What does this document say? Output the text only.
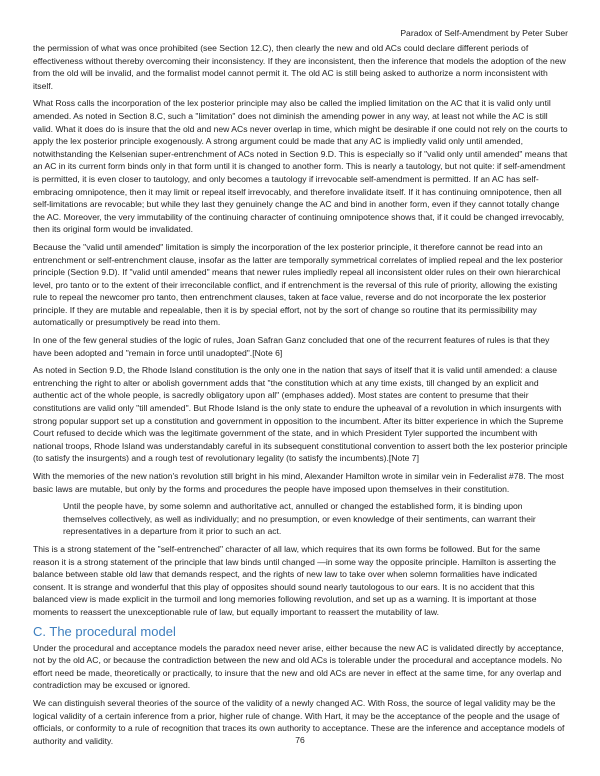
Paradox of Self-Amendment by Peter Suber

the permission of what was once prohibited (see Section 12.C), then clearly the new and old ACs could declare different periods of effectiveness without thereby overcoming their inconsistency. If they are inconsistent, then the inference that models the adoption of the new from the old will be invalid, and the formalist model cannot permit it. The old AC is still being asked to authorize a norm inconsistent with itself.

What Ross calls the incorporation of the lex posterior principle may also be called the implied limitation on the AC that it is valid only until amended. As noted in Section 8.C, such a "limitation" does not diminish the amending power in any way, at least not while the AC is still valid. What it does do is insure that the old and new ACs never overlap in time, which might be desirable if one could not rely on the courts to apply the lex posterior principle exogenously. A strong argument could be made that any AC is impliedly valid only until amended, notwithstanding the Kelsenian super-entrenchment of ACs noted in Section 9.D. This is especially so if "valid only until amended" means that an AC in its current form binds only in that form until it is changed to another form. This is nearly a tautology, but not quite: if self-amendment is permitted, it is even closer to tautology, and only becomes a tautology if irrevocable self-amendment is permitted. If an AC has self-embracing omnipotence, then it may limit or repeal itself irrevocably, and therefore invalidate itself. If it has continuing omnipotence, then all self-limitations are revocable; but while they last they genuinely change the AC and bind in another form, even if they cannot totally change the AC. Moreover, the very immutability of the continuing character of continuing omnipotence shows that, if it could be changed irrevocably, then its original form would be invalidated.

Because the "valid until amended" limitation is simply the incorporation of the lex posterior principle, it therefore cannot be read into an entrenchment or self-entrenchment clause, insofar as the latter are temporally symmetrical correlates of implied repeal and the lex posterior principle (Section 9.D). If "valid until amended" means that newer rules impliedly repeal all inconsistent older rules on their own hierarchical level, pro tanto or to the extent of their irreconcilable conflict, and if entrenchment is the reversal of this rule of priority, allowing the existing rule to repeal the newcomer pro tanto, then entrenchment clauses, taken at face value, reverse and do not incorporate the lex posterior principle. If they are mutable and repealable, then it is by special effort, not by the sort of change so routine that its permissibility may automatically or presumptively be read into them.

In one of the few general studies of the logic of rules, Joan Safran Ganz concluded that one of the recurrent features of rules is that they have been adopted and "remain in force until unadopted".[Note 6]

As noted in Section 9.D, the Rhode Island constitution is the only one in the nation that says of itself that it is valid until amended: a clause entrenching the right to alter or abolish government adds that "the constitution which at any time exists, till changed by an explicit and authentic act of the whole people, is sacredly obligatory upon all" (emphases added). Most states are content to presume that their constitutions are valid only "till amended". But Rhode Island is the only state to endure the upheaval of a revolution in which insurgents with strong popular support set up a constitution and government in opposition to the incumbent. After its bitter experience in which the Supreme Court refused to decide which was the legitimate government of the state, and in which President Tyler supported the incumbent with national troops, Rhode Island was understandably careful in its subsequent constitutional convention to assert both the lex posterior principle (to satisfy the insurgents) and a rough test of revolutionary legality (to satisfy the incumbents).[Note 7]

With the memories of the new nation's revolution still bright in his mind, Alexander Hamilton wrote in similar vein in Federalist #78. The most basic laws are mutable, but only by the forms and procedures the people have imposed upon themselves in their constitution.

Until the people have, by some solemn and authoritative act, annulled or changed the established form, it is binding upon themselves collectively, as well as individually; and no presumption, or even knowledge of their sentiments, can warrant their representatives in a departure from it prior to such an act.

This is a strong statement of the "self-entrenched" character of all law, which requires that its own forms be followed. But for the same reason it is a strong statement of the principle that law binds until changed —in some way the opposite principle. Hamilton is asserting the balance between stable old law that demands respect, and the rights of new law to take over when solemn formalities have indicated consent. It is strange and wonderful that this play of opposites should sound nearly tautologous to our ears. It is no accident that this balanced view is made explicit in the turmoil and long memories following revolution, and set up as a warning. It is important at those moments to reassert the unexceptionable rule of law, but equally important to reassert the mutability of law.

C. The procedural model

Under the procedural and acceptance models the paradox need never arise, either because the new AC is validated directly by acceptance, not by the old AC, or because the contradiction between the new and old ACs is tolerable under the procedural and acceptance models. No effort need be made, theoretically or practically, to insure that the new and old ACs are never in effect at the same time, for any overlap and contradiction may be excused or ignored.

We can distinguish several theories of the source of the validity of a newly changed AC. With Ross, the source of legal validity may be the logical validity of a certain inference from a prior, higher rule of change. With Hart, it may be the acceptance of the people and the usage of officials, or conformity to a rule of recognition that traces its own authority to acceptance. These are the inference and acceptance models of authority and validity.	76
